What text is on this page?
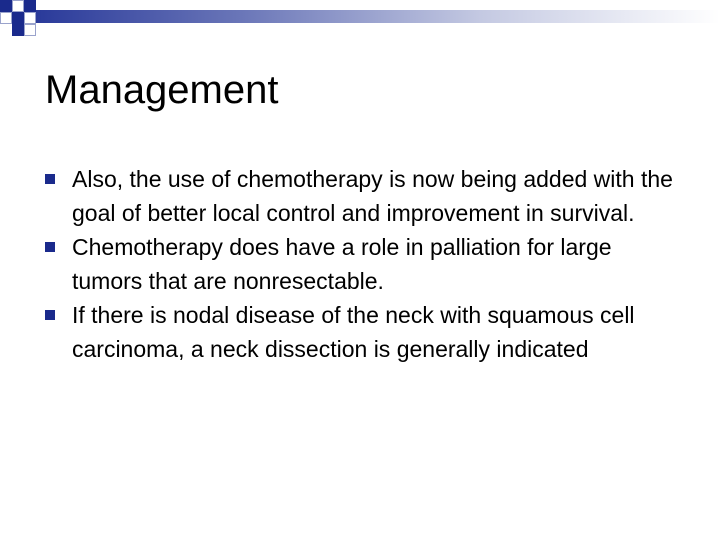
Management
Also, the use of chemotherapy is now being added with the goal of better local control and improvement in survival.
Chemotherapy does have a role in palliation for large tumors that are nonresectable.
If there is nodal disease of the neck with squamous cell carcinoma, a neck dissection is generally indicated
